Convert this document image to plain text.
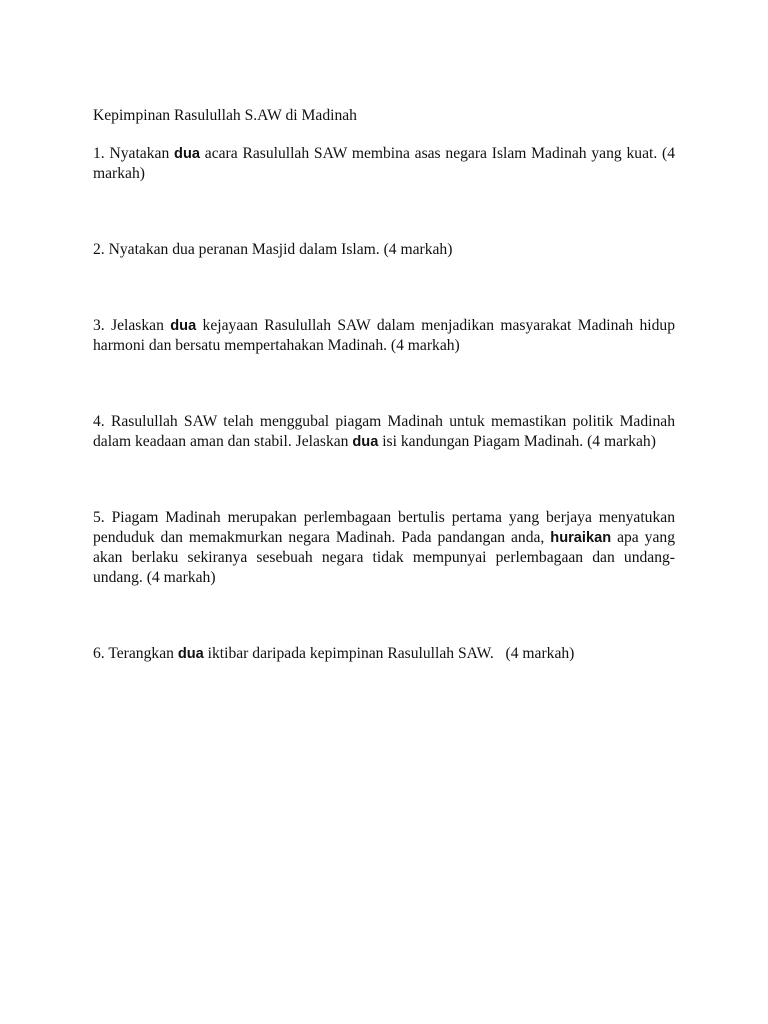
Kepimpinan Rasulullah S.AW di Madinah

1. Nyatakan dua acara Rasulullah SAW membina asas negara Islam Madinah yang kuat. (4 markah)

2. Nyatakan dua peranan Masjid dalam Islam. (4 markah)

3. Jelaskan dua kejayaan Rasulullah SAW dalam menjadikan masyarakat Madinah hidup harmoni dan bersatu mempertahakan Madinah. (4 markah)

4. Rasulullah SAW telah menggubal piagam Madinah untuk memastikan politik Madinah dalam keadaan aman dan stabil. Jelaskan dua isi kandungan Piagam Madinah. (4 markah)

5. Piagam Madinah merupakan perlembagaan bertulis pertama yang berjaya menyatukan penduduk dan memakmurkan negara Madinah. Pada pandangan anda, huraikan apa yang akan berlaku sekiranya sesebuah negara tidak mempunyai perlembagaan dan undang-undang. (4 markah)

6. Terangkan dua iktibar daripada kepimpinan Rasulullah SAW.   (4 markah)
